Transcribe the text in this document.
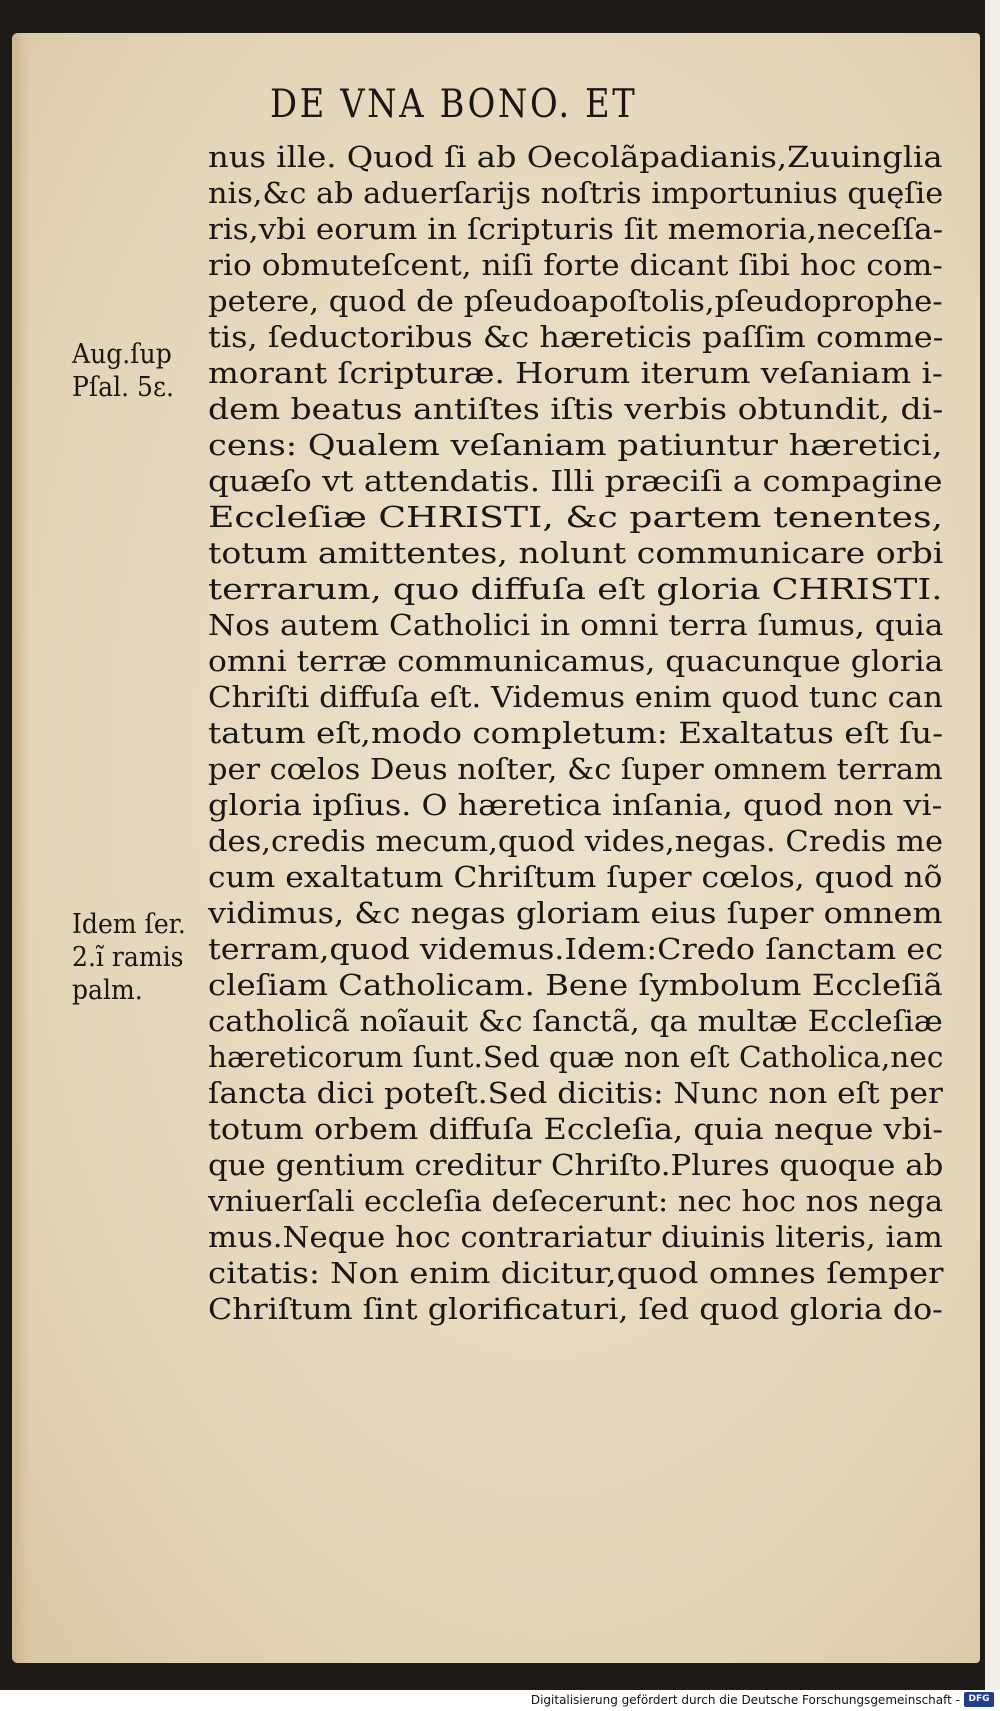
DE VNA BONO. ET
Aug.ſup
Pſal. 5ɛ.
Idem ſer.
2.ĩ ramis
palm.
nus ille. Quod ſi ab Oecolãpadianis,Zuuinglia
nis,&c ab aduerſarijs noſtris importunius quęſie
ris,vbi eorum in ſcripturis ſit memoria,neceſſa-
rio obmuteſcent, niſi forte dicant ſibi hoc com-
petere, quod de pſeudoapoſtolis,pſeudoprophe-
tis, ſeductoribus &c hæreticis paſſim comme-
morant ſcripturæ. Horum iterum veſaniam i-
dem beatus antiſtes iſtis verbis obtundit, di-
cens: Qualem veſaniam patiuntur hæretici,
quæſo vt attendatis. Illi præciſi a compagine
Eccleſiæ CHRISTI, &c partem tenentes,
totum amittentes, nolunt communicare orbi
terrarum, quo diffuſa eſt gloria CHRISTI.
Nos autem Catholici in omni terra ſumus, quia
omni terræ communicamus, quacunque gloria
Chriſti diffuſa eſt. Videmus enim quod tunc can
tatum eſt,modo completum: Exaltatus eſt ſu-
per cœlos Deus noſter, &c ſuper omnem terram
gloria ipſius. O hæretica inſania, quod non vi-
des,credis mecum,quod vides,negas. Credis me
cum exaltatum Chriſtum ſuper cœlos, quod nõ
vidimus, &c negas gloriam eius ſuper omnem
terram,quod videmus.Idem:Credo ſanctam ec
cleſiam Catholicam. Bene ſymbolum Eccleſiã
catholicã noĩauit &c ſanctã, qa multæ Eccleſiæ
hæreticorum ſunt.Sed quæ non eſt Catholica,nec
ſancta dici poteſt.Sed dicitis: Nunc non eſt per
totum orbem diffuſa Eccleſia, quia neque vbi-
que gentium creditur Chriſto.Plures quoque ab
vniuerſali eccleſia deſecerunt: nec hoc nos nega
mus.Neque hoc contrariatur diuinis literis, iam
citatis: Non enim dicitur,quod omnes ſemper
Chriſtum ſint glorificaturi, ſed quod gloria do-
Digitalisierung gefördert durch die Deutsche Forschungsgemeinschaft - DFG
